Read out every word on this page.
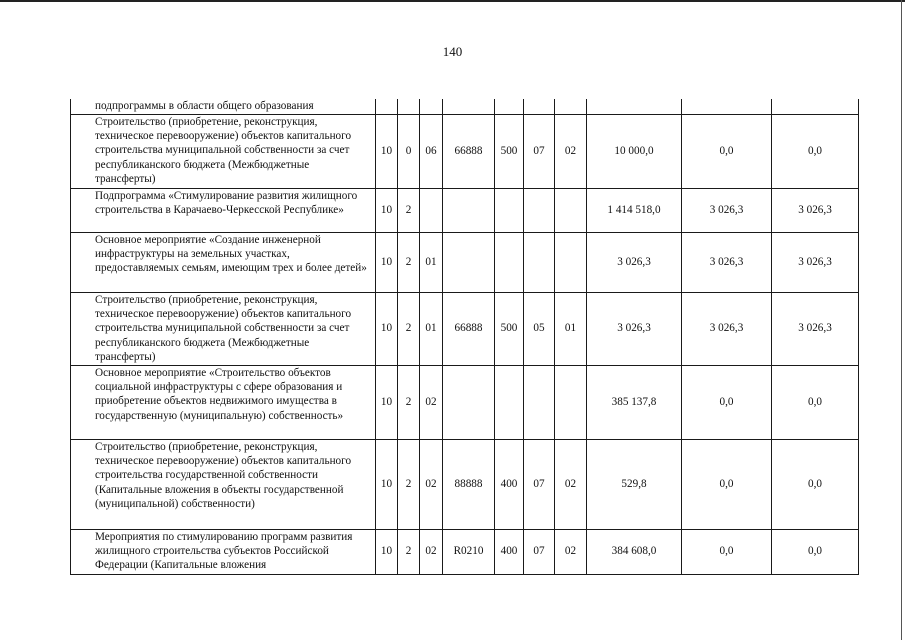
140
подпрограммы в области общего образования										

Строительство (приобретение, реконструкция, техническое перевооружение) объектов капитального строительства муниципальной собственности за счет республиканского бюджета (Межбюджетные трансферты)	10	0	06	66888	500	07	02	10 000,0	0,0	0,0

Подпрограмма «Стимулирование развития жилищного строительства в Карачаево-Черкесской Республике»	10	2						1 414 518,0	3 026,3	3 026,3

Основное мероприятие «Создание инженерной инфраструктуры на земельных участках, предоставляемых семьям, имеющим трех и более детей»	10	2	01					3 026,3	3 026,3	3 026,3

Строительство (приобретение, реконструкция, техническое перевооружение) объектов капитального строительства муниципальной собственности за счет республиканского бюджета (Межбюджетные трансферты)	10	2	01	66888	500	05	01	3 026,3	3 026,3	3 026,3

Основное мероприятие «Строительство объектов социальной инфраструктуры с сфере образования и приобретение объектов недвижимого имущества в государственную (муниципальную) собственность»	10	2	02					385 137,8	0,0	0,0

Строительство (приобретение, реконструкция, техническое перевооружение) объектов капитального строительства государственной собственности (Капитальные вложения в объекты государственной (муниципальной) собственности)	10	2	02	88888	400	07	02	529,8	0,0	0,0

Мероприятия по стимулированию программ развития жилищного строительства субъектов Российской Федерации (Капитальные вложения	10	2	02	R0210	400	07	02	384 608,0	0,0	0,0
